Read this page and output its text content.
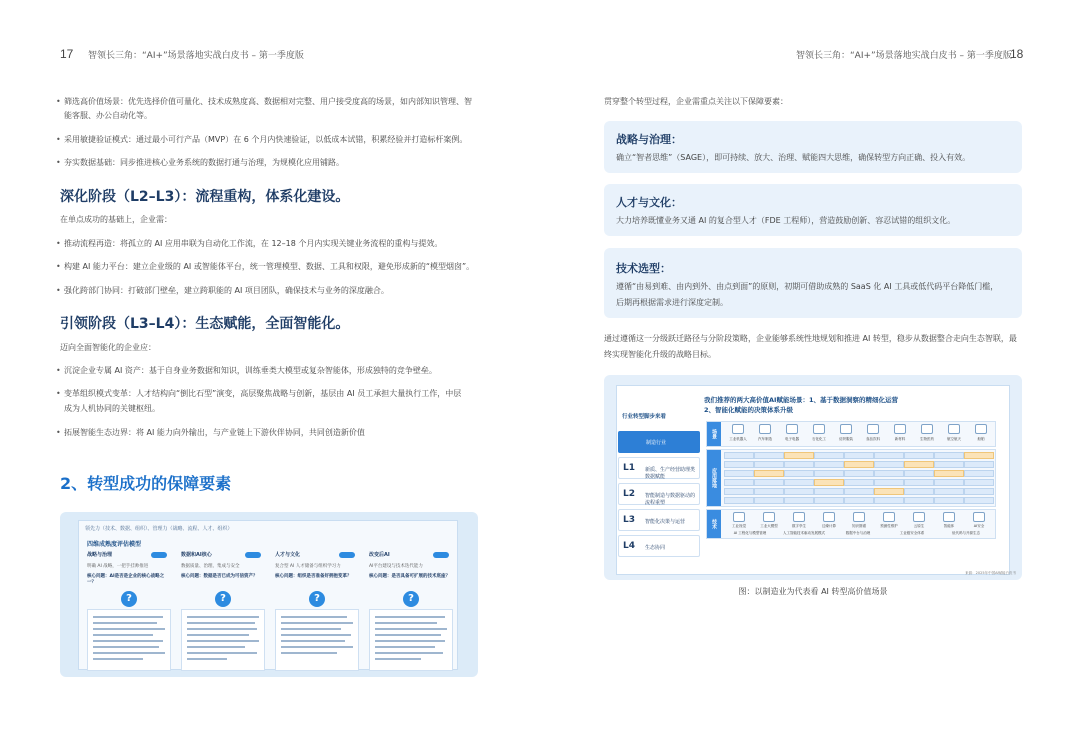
17 智领长三角：“AI+”场景落地实战白皮书 – 第一季度版
• 筛选高价值场景：优先选择价值可量化、技术成熟度高、数据相对完整、用户接受度高的场景，如内部知识管理、智
能客服、办公自动化等。
• 采用敏捷验证模式：通过最小可行产品（MVP）在 6 个月内快速验证，以低成本试错，积累经验并打造标杆案例。
• 夯实数据基础：同步推进核心业务系统的数据打通与治理，为规模化应用铺路。
深化阶段（L2–L3）：流程重构，体系化建设。
在单点成功的基础上，企业需：
• 推动流程再造：将孤立的 AI 应用串联为自动化工作流，在 12–18 个月内实现关键业务流程的重构与提效。
• 构建 AI 能力平台：建立企业级的 AI 或智能体平台，统一管理模型、数据、工具和权限，避免形成新的“模型烟囱”。
• 强化跨部门协同：打破部门壁垒，建立跨职能的 AI 项目团队，确保技术与业务的深度融合。
引领阶段（L3–L4）：生态赋能，全面智能化。
迈向全面智能化的企业应：
• 沉淀企业专属 AI 资产：基于自身业务数据和知识，训练垂类大模型或复杂智能体，形成独特的竞争壁垒。
• 变革组织模式变革：人才结构向“倒比石型”演变，高层聚焦战略与创新，基层由 AI 员工承担大量执行工作，中层
成为人机协同的关键枢纽。
• 拓展智能生态边界：将 AI 能力向外输出，与产业链上下游伙伴协同，共同创造新价值
2、转型成功的保障要素
领先力（技术、数据、组织）、管理力（战略、流程、人才、组织）
四维成熟度评估模型
战略与治理
明确 AI 战略，一把手挂帅推进
核心问题：AI是否是企业的核心战略之一？
?
数据和AI核心
数据质量、治理、集成与安全
核心问题：数据是否已成为可信资产？
?
人才与文化
复合型 AI 人才储备与组织学习力
核心问题：组织是否准备好拥抱变革？
?
改变后AI
AI平台建设与技术迭代能力
核心问题：是否具备可扩展的技术底座？
?
智领长三角：“AI+”场景落地实战白皮书 – 第一季度版
18
贯穿整个转型过程，企业需重点关注以下保障要素：
战略与治理：
确立“智者思维”（SAGE），即可持续、放大、治理、赋能四大思维，确保转型方向正确、投入有效。
人才与文化：
大力培养既懂业务又通 AI 的复合型人才（FDE 工程师），营造鼓励创新、容忍试错的组织文化。
技术选型：
遵循“由易到难、由内到外、由点到面”的原则，初期可借助成熟的 SaaS 化 AI 工具或低代码平台降低门槛，
后期再根据需求进行深度定制。
通过遵循这一分级跃迁路径与分阶段策略，企业能够系统性地规划和推进 AI 转型，稳步从数据整合走向生态智联，最
终实现智能化升级的战略目标。
行业转型脚步来看
我们推荐的两大高价值AI赋能场景：1、基于数据洞察的精细化运营
2、智能化赋能的决策体系升级
制造行业
L1 新质、生产经营助理类数据赋能
L2 智能制造与数据驱动的流程重塑
L3 智能化决策与运营
L4 生态协同
场景
应用落地
技术
工业机器人	汽车制造	电子电器	石化化工	纺织服装	食品饮料	新材料	生物医药	航空航天	船舶
工业视觉	工业大模型	数字孪生	边缘计算	知识图谱	预测性维护	云原生	智能体	AI安全
AI 工程化与模型管理	人工智能技术驱动发展模式	数据中台与治理	工业级安全体系	低代码与开源生态
来源：2025年中国AI赋能白皮书
图：以制造业为代表看 AI 转型高价值场景
